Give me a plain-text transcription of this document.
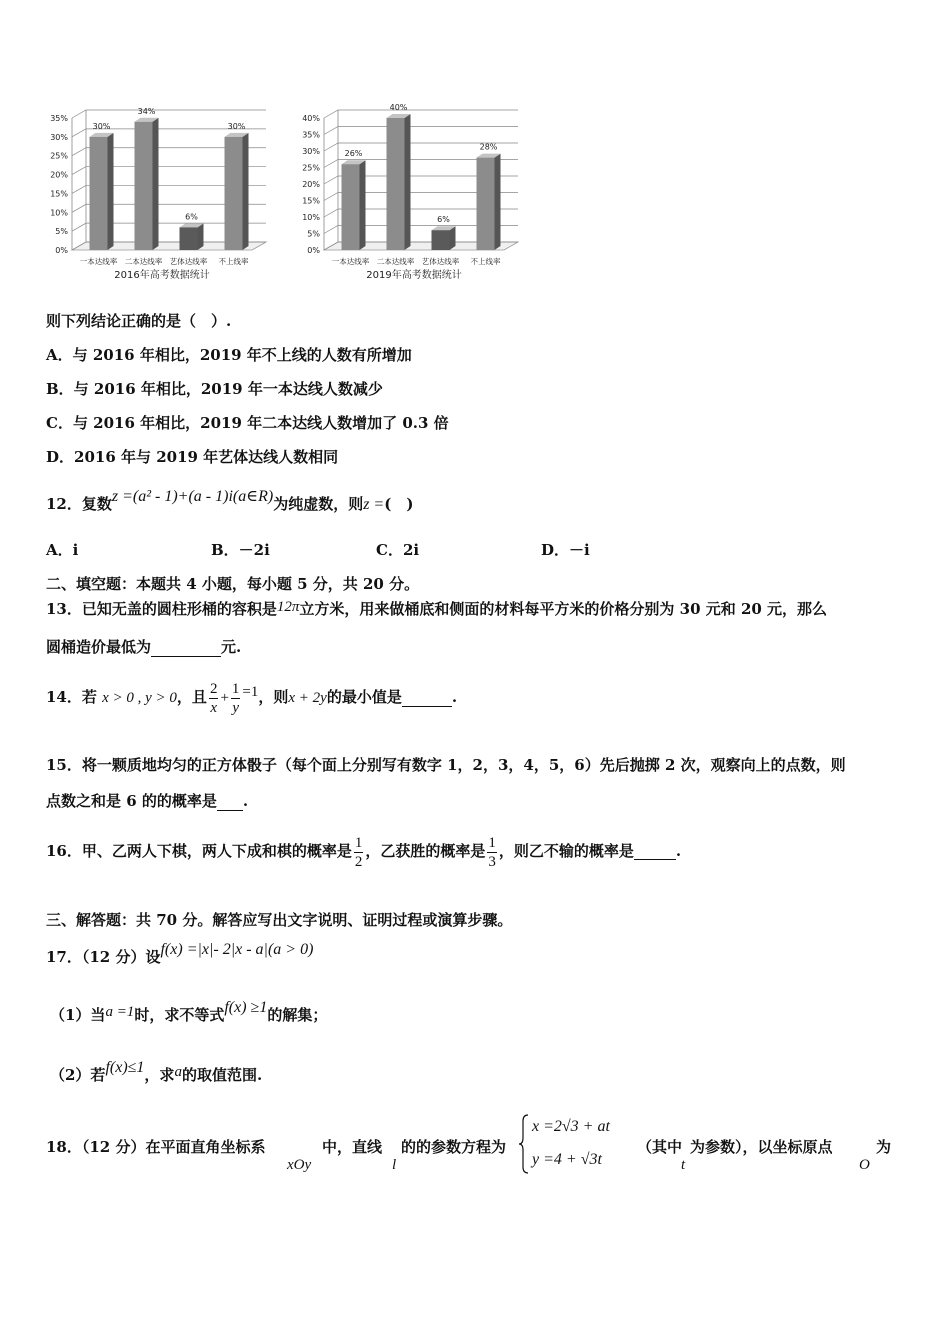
0%
5%
10%
15%
20%
25%
30%
35%
30%
一本达线率
34%
二本达线率
6%
艺体达线率
30%
不上线率
2016年高考数据统计
0%
5%
10%
15%
20%
25%
30%
35%
40%
26%
一本达线率
40%
二本达线率
6%
艺体达线率
28%
不上线率
2019年高考数据统计
则下列结论正确的是（　）.
A．与 2016 年相比，2019 年不上线的人数有所增加
B．与 2016 年相比，2019 年一本达线人数减少
C．与 2016 年相比，2019 年二本达线人数增加了 0.3 倍
D．2016 年与 2019 年艺体达线人数相同
12．复数z =(a² - 1)+(a - 1)i(a∈R)为纯虚数，则z =(　)
A．i	B．－2i	C．2i	D．－i
二、填空题：本题共 4 小题，每小题 5 分，共 20 分。
13．已知无盖的圆柱形桶的容积是12π立方米，用来做桶底和侧面的材料每平方米的价格分别为 30 元和 20 元，那么
圆桶造价最低为	元.
14．若 x > 0 , y > 0，且 $\frac{2}{x} + \frac{1}{y} =1$，则x + 2y的最小值是	.
15．将一颗质地均匀的正方体骰子（每个面上分别写有数字 1，2，3，4，5，6）先后抛掷 2 次，观察向上的点数，则
点数之和是 6 的的概率是 .
16．甲、乙两人下棋，两人下成和棋的概率是 $\frac{1}{2}$ ，乙获胜的概率是 $\frac{1}{3}$ ，则乙不输的概率是	.
三、解答题：共 70 分。解答应写出文字说明、证明过程或演算步骤。
17．（12 分）设f(x) =|x|- 2|x - a|(a > 0)
（1）当a =1时，求不等式f(x) ≥1的解集；
（2）若f(x)≤1，求a的取值范围.
18．（12 分）在平面直角坐标系
xOy
中，直线
l
的的参数方程为
x =2√3 + at
y =4 + √3t
（其中
t
为参数），以坐标原点
O
为
